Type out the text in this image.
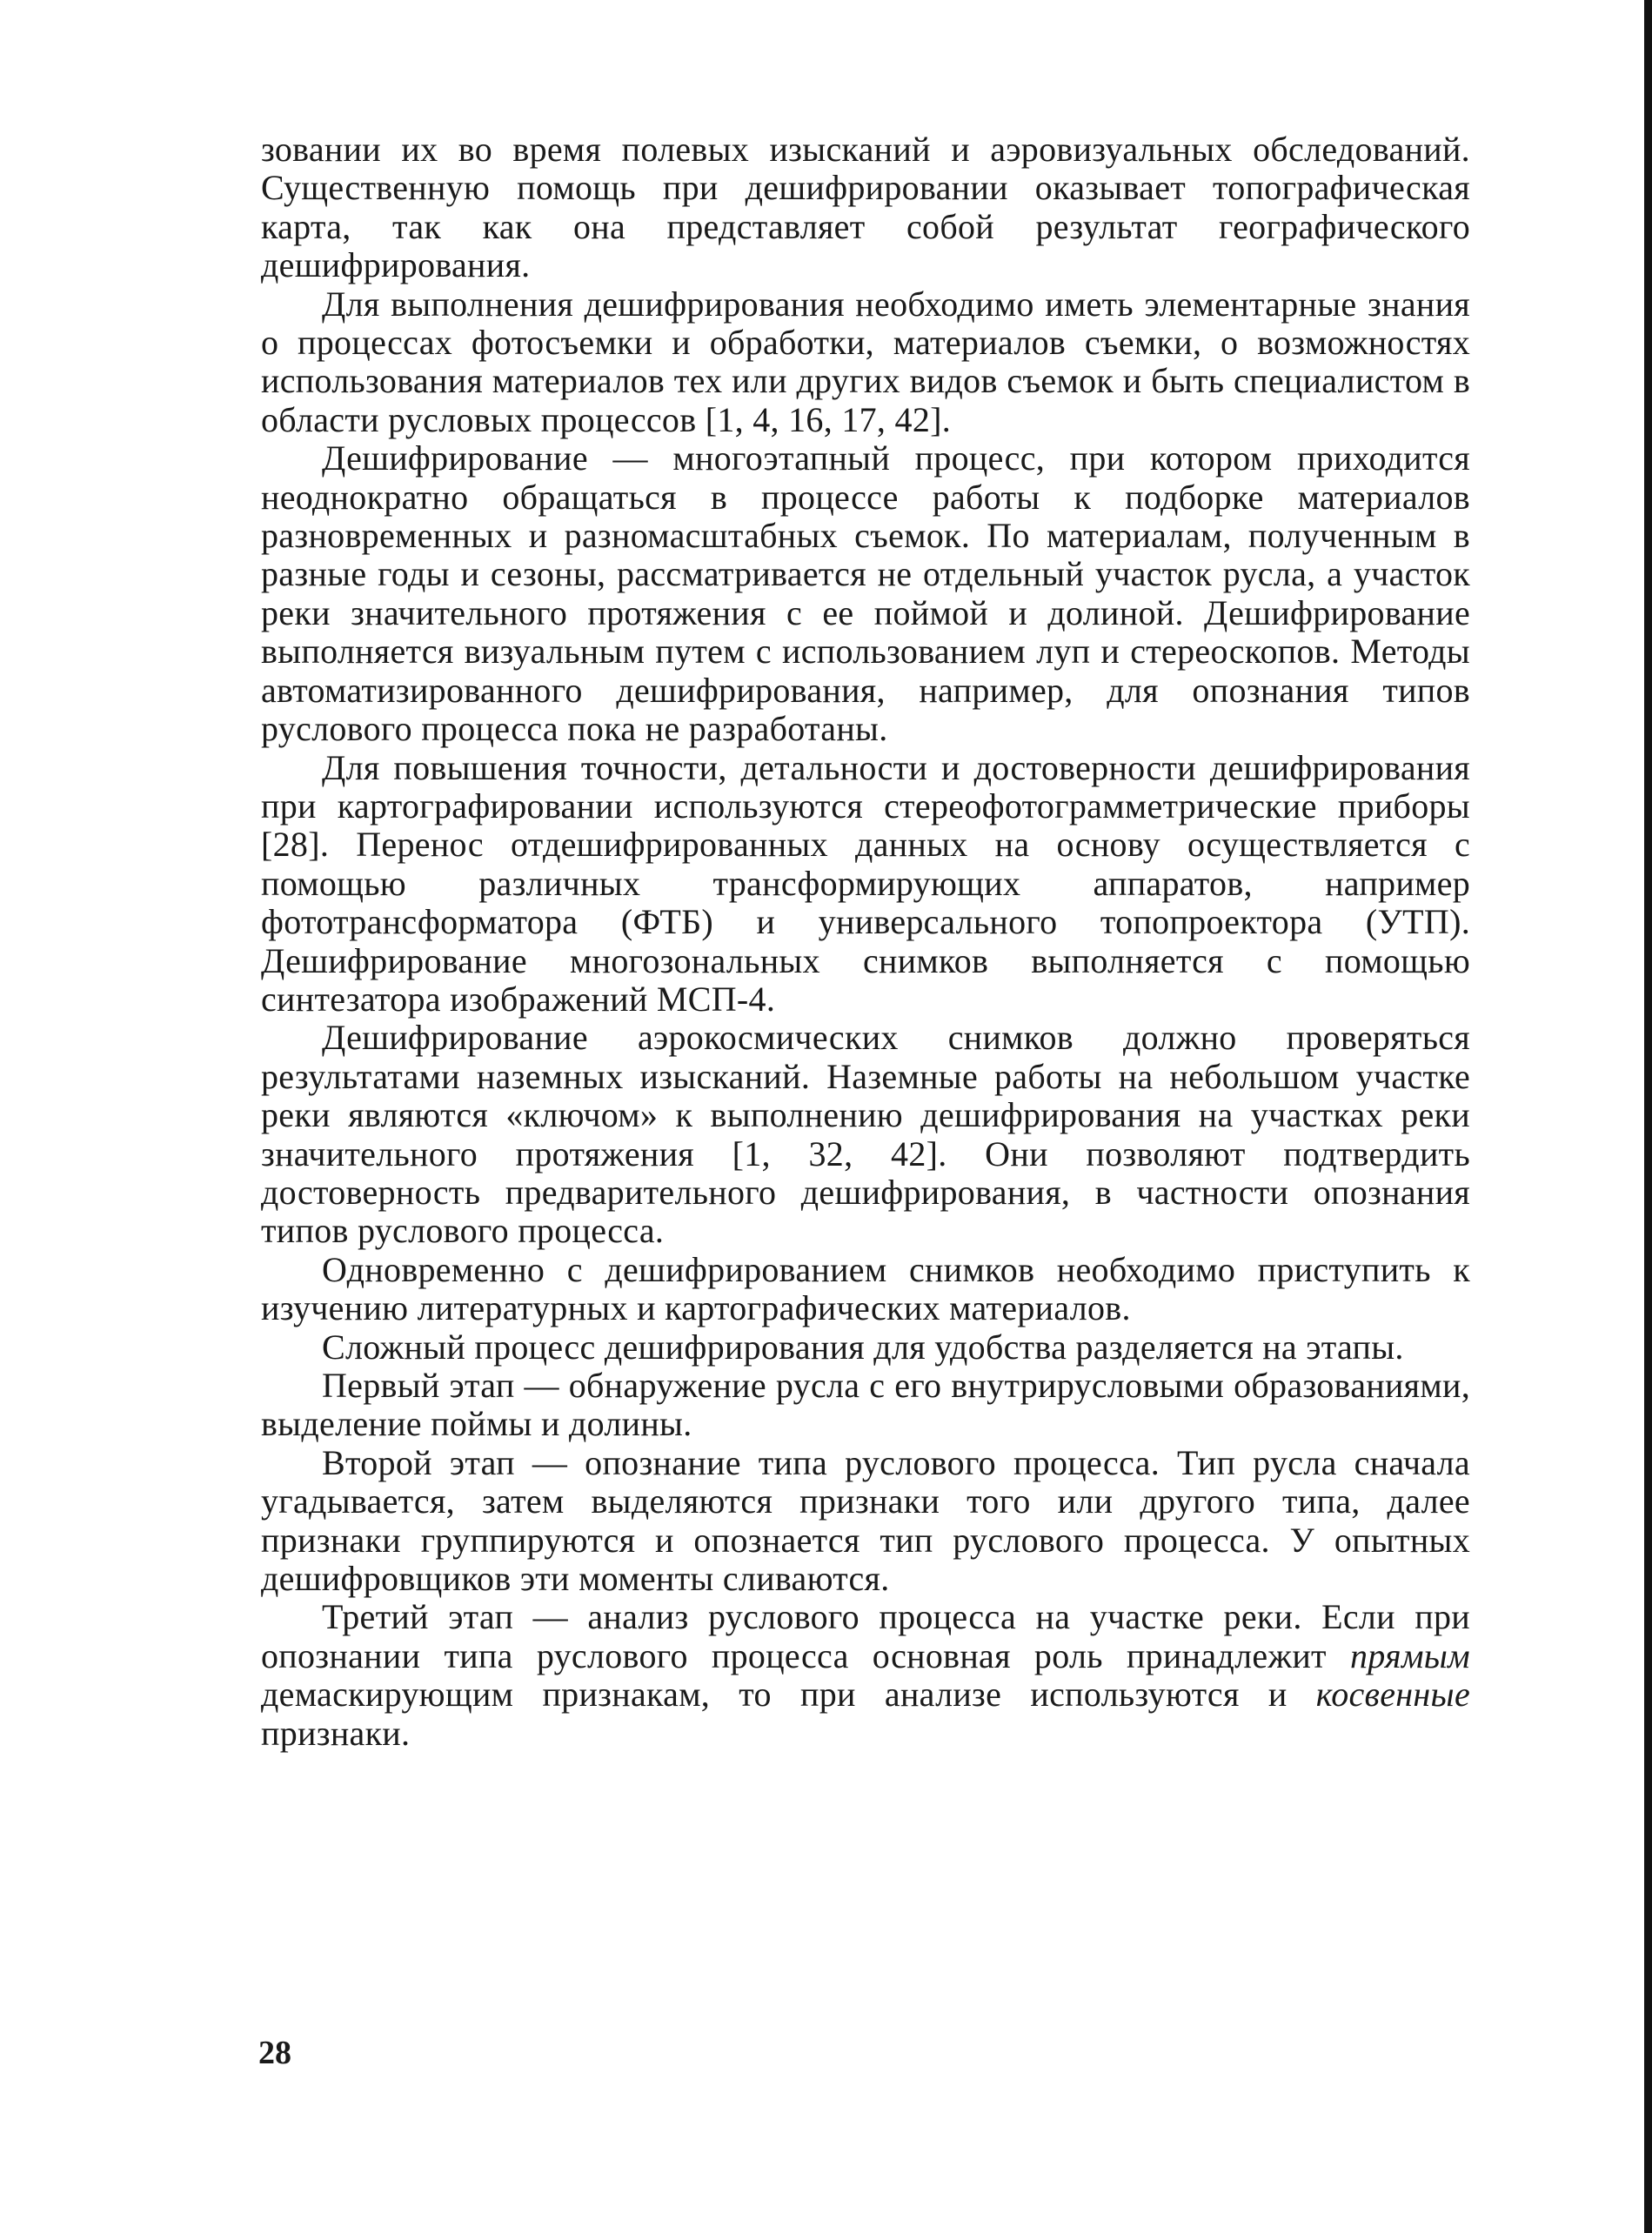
зовании их во время полевых изысканий и аэровизуальных обследований. Существенную помощь при дешифрировании оказывает топографическая карта, так как она представляет собой результат географического дешифрирования.

Для выполнения дешифрирования необходимо иметь элементарные знания о процессах фотосъемки и обработки, материалов съемки, о возможностях использования материалов тех или других видов съемок и быть специалистом в области русловых процессов [1, 4, 16, 17, 42].

Дешифрирование — многоэтапный процесс, при котором приходится неоднократно обращаться в процессе работы к подборке материалов разновременных и разномасштабных съемок. По материалам, полученным в разные годы и сезоны, рассматривается не отдельный участок русла, а участок реки значительного протяжения с ее поймой и долиной. Дешифрирование выполняется визуальным путем с использованием луп и стереоскопов. Методы автоматизированного дешифрирования, например, для опознания типов руслового процесса пока не разработаны.

Для повышения точности, детальности и достоверности дешифрирования при картографировании используются стереофотограмметрические приборы [28]. Перенос отдешифрированных данных на основу осуществляется с помощью различных трансформирующих аппаратов, например фототрансформатора (ФТБ) и универсального топопроектора (УТП). Дешифрирование многозональных снимков выполняется с помощью синтезатора изображений МСП-4.

Дешифрирование аэрокосмических снимков должно проверяться результатами наземных изысканий. Наземные работы на небольшом участке реки являются «ключом» к выполнению дешифрирования на участках реки значительного протяжения [1, 32, 42]. Они позволяют подтвердить достоверность предварительного дешифрирования, в частности опознания типов руслового процесса.

Одновременно с дешифрированием снимков необходимо приступить к изучению литературных и картографических материалов.

Сложный процесс дешифрирования для удобства разделяется на этапы.

Первый этап — обнаружение русла с его внутрирусловыми образованиями, выделение поймы и долины.

Второй этап — опознание типа руслового процесса. Тип русла сначала угадывается, затем выделяются признаки того или другого типа, далее признаки группируются и опознается тип руслового процесса. У опытных дешифровщиков эти моменты сливаются.

Третий этап — анализ руслового процесса на участке реки. Если при опознании типа руслового процесса основная роль принадлежит прямым демаскирующим признакам, то при анализе используются и косвенные признаки.

28
